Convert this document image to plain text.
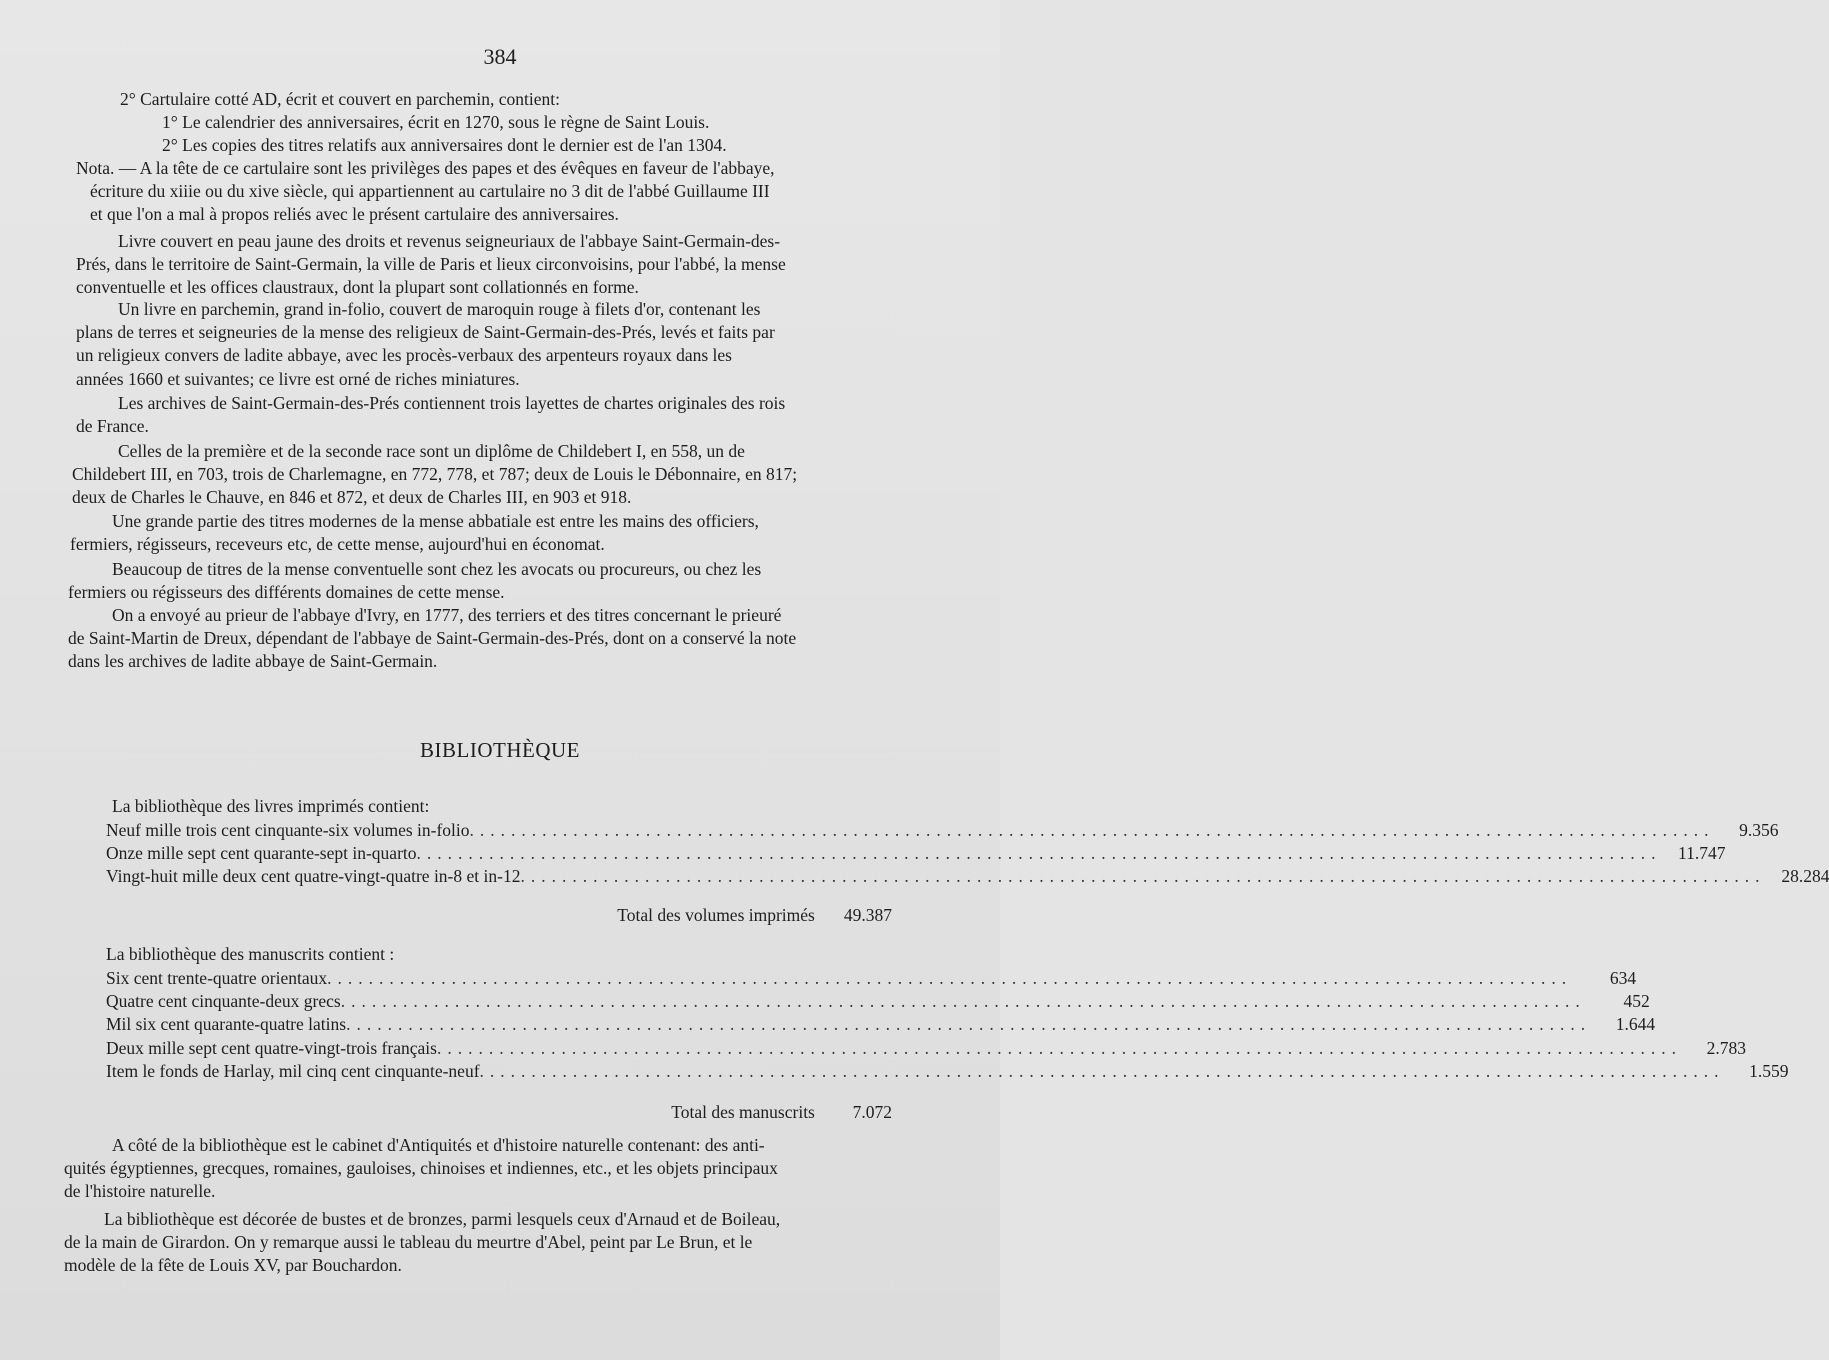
384
2° Cartulaire cotté AD, écrit et couvert en parchemin, contient:
1° Le calendrier des anniversaires, écrit en 1270, sous le règne de Saint Louis.
2° Les copies des titres relatifs aux anniversaires dont le dernier est de l'an 1304.
Nota. — A la tête de ce cartulaire sont les privilèges des papes et des évêques en faveur de l'abbaye,
écriture du xiiie ou du xive siècle, qui appartiennent au cartulaire no 3 dit de l'abbé Guillaume III
et que l'on a mal à propos reliés avec le présent cartulaire des anniversaires.
Livre couvert en peau jaune des droits et revenus seigneuriaux de l'abbaye Saint-Germain-des-
Prés, dans le territoire de Saint-Germain, la ville de Paris et lieux circonvoisins, pour l'abbé, la mense
conventuelle et les offices claustraux, dont la plupart sont collationnés en forme.
Un livre en parchemin, grand in-folio, couvert de maroquin rouge à filets d'or, contenant les
plans de terres et seigneuries de la mense des religieux de Saint-Germain-des-Prés, levés et faits par
un religieux convers de ladite abbaye, avec les procès-verbaux des arpenteurs royaux dans les
années 1660 et suivantes; ce livre est orné de riches miniatures.
Les archives de Saint-Germain-des-Prés contiennent trois layettes de chartes originales des rois
de France.
Celles de la première et de la seconde race sont un diplôme de Childebert I, en 558, un de
Childebert III, en 703, trois de Charlemagne, en 772, 778, et 787; deux de Louis le Débonnaire, en 817;
deux de Charles le Chauve, en 846 et 872, et deux de Charles III, en 903 et 918.
Une grande partie des titres modernes de la mense abbatiale est entre les mains des officiers,
fermiers, régisseurs, receveurs etc, de cette mense, aujourd'hui en économat.
Beaucoup de titres de la mense conventuelle sont chez les avocats ou procureurs, ou chez les
fermiers ou régisseurs des différents domaines de cette mense.
On a envoyé au prieur de l'abbaye d'Ivry, en 1777, des terriers et des titres concernant le prieuré
de Saint-Martin de Dreux, dépendant de l'abbaye de Saint-Germain-des-Prés, dont on a conservé la note
dans les archives de ladite abbaye de Saint-Germain.
BIBLIOTHÈQUE
La bibliothèque des livres imprimés contient:
Neuf mille trois cent cinquante-six volumes in-folio ........................................................................................................................	9.356
Onze mille sept cent quarante-sept in-quarto ........................................................................................................................ 11.747
Vingt-huit mille deux cent quatre-vingt-quatre in-8 et in-12 ........................................................................................................................ 28.284
Total des volumes imprimés 49.387
La bibliothèque des manuscrits contient :
Six cent trente-quatre orientaux ........................................................................................................................	634
Quatre cent cinquante-deux grecs ........................................................................................................................	452
Mil six cent quarante-quatre latins ........................................................................................................................	1.644
Deux mille sept cent quatre-vingt-trois français ........................................................................................................................	2.783
Item le fonds de Harlay, mil cinq cent cinquante-neuf ........................................................................................................................	1.559
Total des manuscrits 7.072
A côté de la bibliothèque est le cabinet d'Antiquités et d'histoire naturelle contenant: des anti-
quités égyptiennes, grecques, romaines, gauloises, chinoises et indiennes, etc., et les objets principaux
de l'histoire naturelle.
La bibliothèque est décorée de bustes et de bronzes, parmi lesquels ceux d'Arnaud et de Boileau,
de la main de Girardon. On y remarque aussi le tableau du meurtre d'Abel, peint par Le Brun, et le
modèle de la fête de Louis XV, par Bouchardon.
